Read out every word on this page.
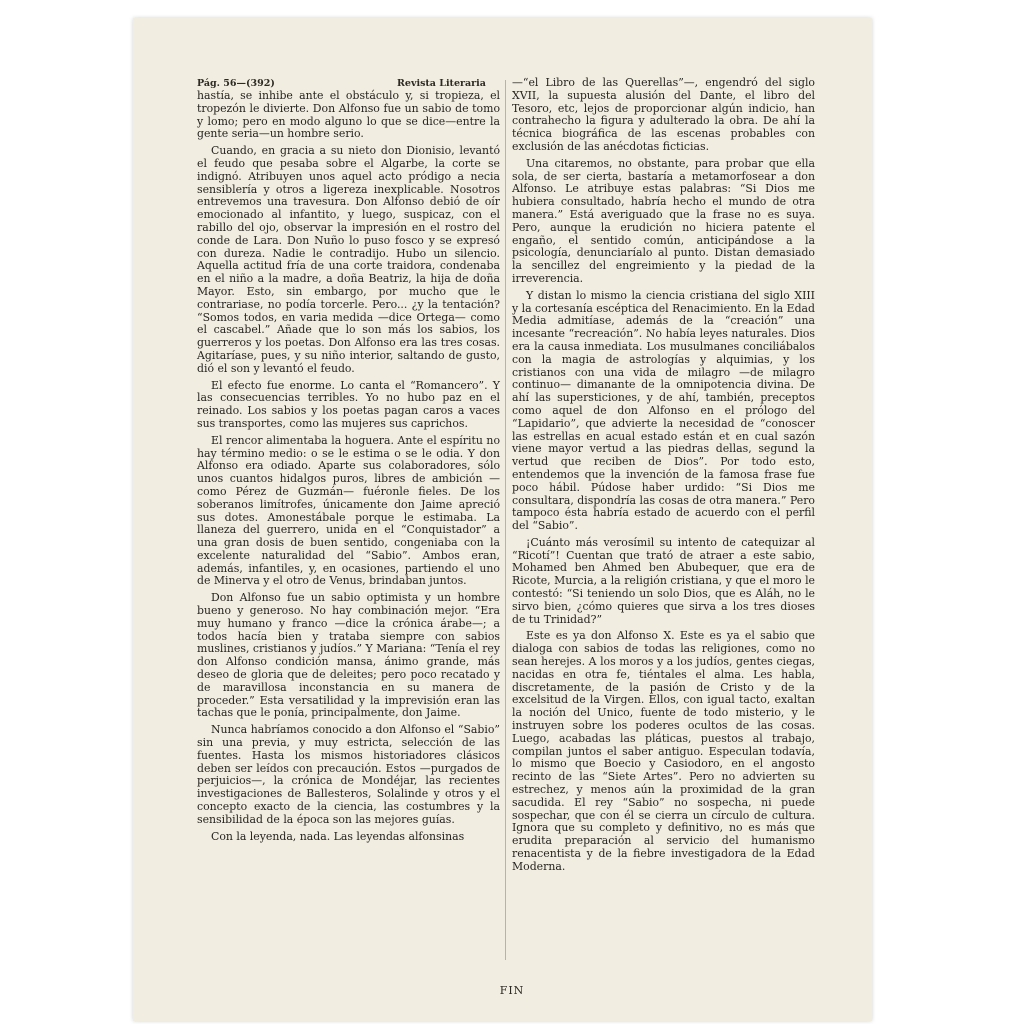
Pág. 56—(392)	Revista Literaria

hastía, se inhibe ante el obstáculo y, si tropieza, el tropezón le divierte. Don Alfonso fue un sabio de tomo y lomo; pero en modo alguno lo que se dice—entre la gente seria—un hombre serio.

Cuando, en gracia a su nieto don Dionisio, levantó el feudo que pesaba sobre el Algarbe, la corte se indignó. Atribuyen unos aquel acto pródigo a necia sensiblería y otros a ligereza inexplicable. Nosotros entrevemos una travesura. Don Alfonso debió de oír emocionado al infantito, y luego, suspicaz, con el rabillo del ojo, observar la impresión en el rostro del conde de Lara. Don Nuño lo puso fosco y se expresó con dureza. Nadie le contradijo. Hubo un silencio. Aquella actitud fría de una corte traidora, condenaba en el niño a la madre, a doña Beatriz, la hija de doña Mayor. Esto, sin embargo, por mucho que le contrariase, no podía torcerle. Pero... ¿y la tentación? “Somos todos, en varia medida —dice Ortega— como el cascabel.” Añade que lo son más los sabios, los guerreros y los poetas. Don Alfonso era las tres cosas. Agitaríase, pues, y su niño interior, saltando de gusto, dió el son y levantó el feudo.

El efecto fue enorme. Lo canta el “Romancero”. Y las consecuencias terribles. Yo no hubo paz en el reinado. Los sabios y los poetas pagan caros a vaces sus transportes, como las mujeres sus caprichos.

El rencor alimentaba la hoguera. Ante el espíritu no hay término medio: o se le estima o se le odia. Y don Alfonso era odiado. Aparte sus colaboradores, sólo unos cuantos hidalgos puros, libres de ambición —como Pérez de Guzmán— fuéronle fieles. De los soberanos limítrofes, únicamente don Jaime apreció sus dotes. Amonestábale porque le estimaba. La llaneza del guerrero, unida en el “Conquistador” a una gran dosis de buen sentido, congeniaba con la excelente naturalidad del “Sabio”. Ambos eran, además, infantiles, y, en ocasiones, partiendo el uno de Minerva y el otro de Venus, brindaban juntos.

Don Alfonso fue un sabio optimista y un hombre bueno y generoso. No hay combinación mejor. “Era muy humano y franco —dice la crónica árabe—; a todos hacía bien y trataba siempre con sabios muslines, cristianos y judíos.” Y Mariana: “Tenía el rey don Alfonso condición mansa, ánimo grande, más deseo de gloria que de deleites; pero poco recatado y de maravillosa inconstancia en su manera de proceder.” Esta versatilidad y la imprevisión eran las tachas que le ponía, principalmente, don Jaime.

Nunca habríamos conocido a don Alfonso el “Sabio” sin una previa, y muy estricta, selección de las fuentes. Hasta los mismos historiadores clásicos deben ser leídos con precaución. Estos —purgados de perjuicios—, la crónica de Mondéjar, las recientes investigaciones de Ballesteros, Solalinde y otros y el concepto exacto de la ciencia, las costumbres y la sensibilidad de la época son las mejores guías.

Con la leyenda, nada. Las leyendas alfonsinas

—“el Libro de las Querellas”—, engendró del siglo XVII, la supuesta alusión del Dante, el libro del Tesoro, etc, lejos de proporcionar algún indicio, han contrahecho la figura y adulterado la obra. De ahí la técnica biográfica de las escenas probables con exclusión de las anécdotas ficticias.

Una citaremos, no obstante, para probar que ella sola, de ser cierta, bastaría a metamorfosear a don Alfonso. Le atribuye estas palabras: “Si Dios me hubiera consultado, habría hecho el mundo de otra manera.” Está averiguado que la frase no es suya. Pero, aunque la erudición no hiciera patente el engaño, el sentido común, anticipándose a la psicología, denunciaríalo al punto. Distan demasiado la sencillez del engreimiento y la piedad de la irreverencia.

Y distan lo mismo la ciencia cristiana del siglo XIII y la cortesanía escéptica del Renacimiento. En la Edad Media admitíase, además de la “creación” una incesante “recreación”. No había leyes naturales. Dios era la causa inmediata. Los musulmanes conciliábalos con la magia de astrologías y alquimias, y los cristianos con una vida de milagro —de milagro continuo— dimanante de la omnipotencia divina. De ahí las supersticiones, y de ahí, también, preceptos como aquel de don Alfonso en el prólogo del “Lapidario”, que advierte la necesidad de “conoscer las estrellas en acual estado están et en cual sazón viene mayor vertud a las piedras dellas, segund la vertud que reciben de Dios”. Por todo esto, entendemos que la invención de la famosa frase fue poco hábil. Púdose haber urdido: “Si Dios me consultara, dispondría las cosas de otra manera.” Pero tampoco ésta habría estado de acuerdo con el perfil del “Sabio”.

¡Cuánto más verosímil su intento de catequizar al “Ricotí”! Cuentan que trató de atraer a este sabio, Mohamed ben Ahmed ben Abubequer, que era de Ricote, Murcia, a la religión cristiana, y que el moro le contestó: “Si teniendo un solo Dios, que es Aláh, no le sirvo bien, ¿cómo quieres que sirva a los tres dioses de tu Trinidad?”

Este es ya don Alfonso X. Este es ya el sabio que dialoga con sabios de todas las religiones, como no sean herejes. A los moros y a los judíos, gentes ciegas, nacidas en otra fe, tiéntales el alma. Les habla, discretamente, de la pasión de Cristo y de la excelsitud de la Virgen. Ellos, con igual tacto, exaltan la noción del Unico, fuente de todo misterio, y le instruyen sobre los poderes ocultos de las cosas. Luego, acabadas las pláticas, puestos al trabajo, compilan juntos el saber antiguo. Especulan todavía, lo mismo que Boecio y Casiodoro, en el angosto recinto de las “Siete Artes”. Pero no advierten su estrechez, y menos aún la proximidad de la gran sacudida. El rey “Sabio” no sospecha, ni puede sospechar, que con él se cierra un círculo de cultura. Ignora que su completo y definitivo, no es más que erudita preparación al servicio del humanismo renacentista y de la fiebre investigadora de la Edad Moderna.

FIN
